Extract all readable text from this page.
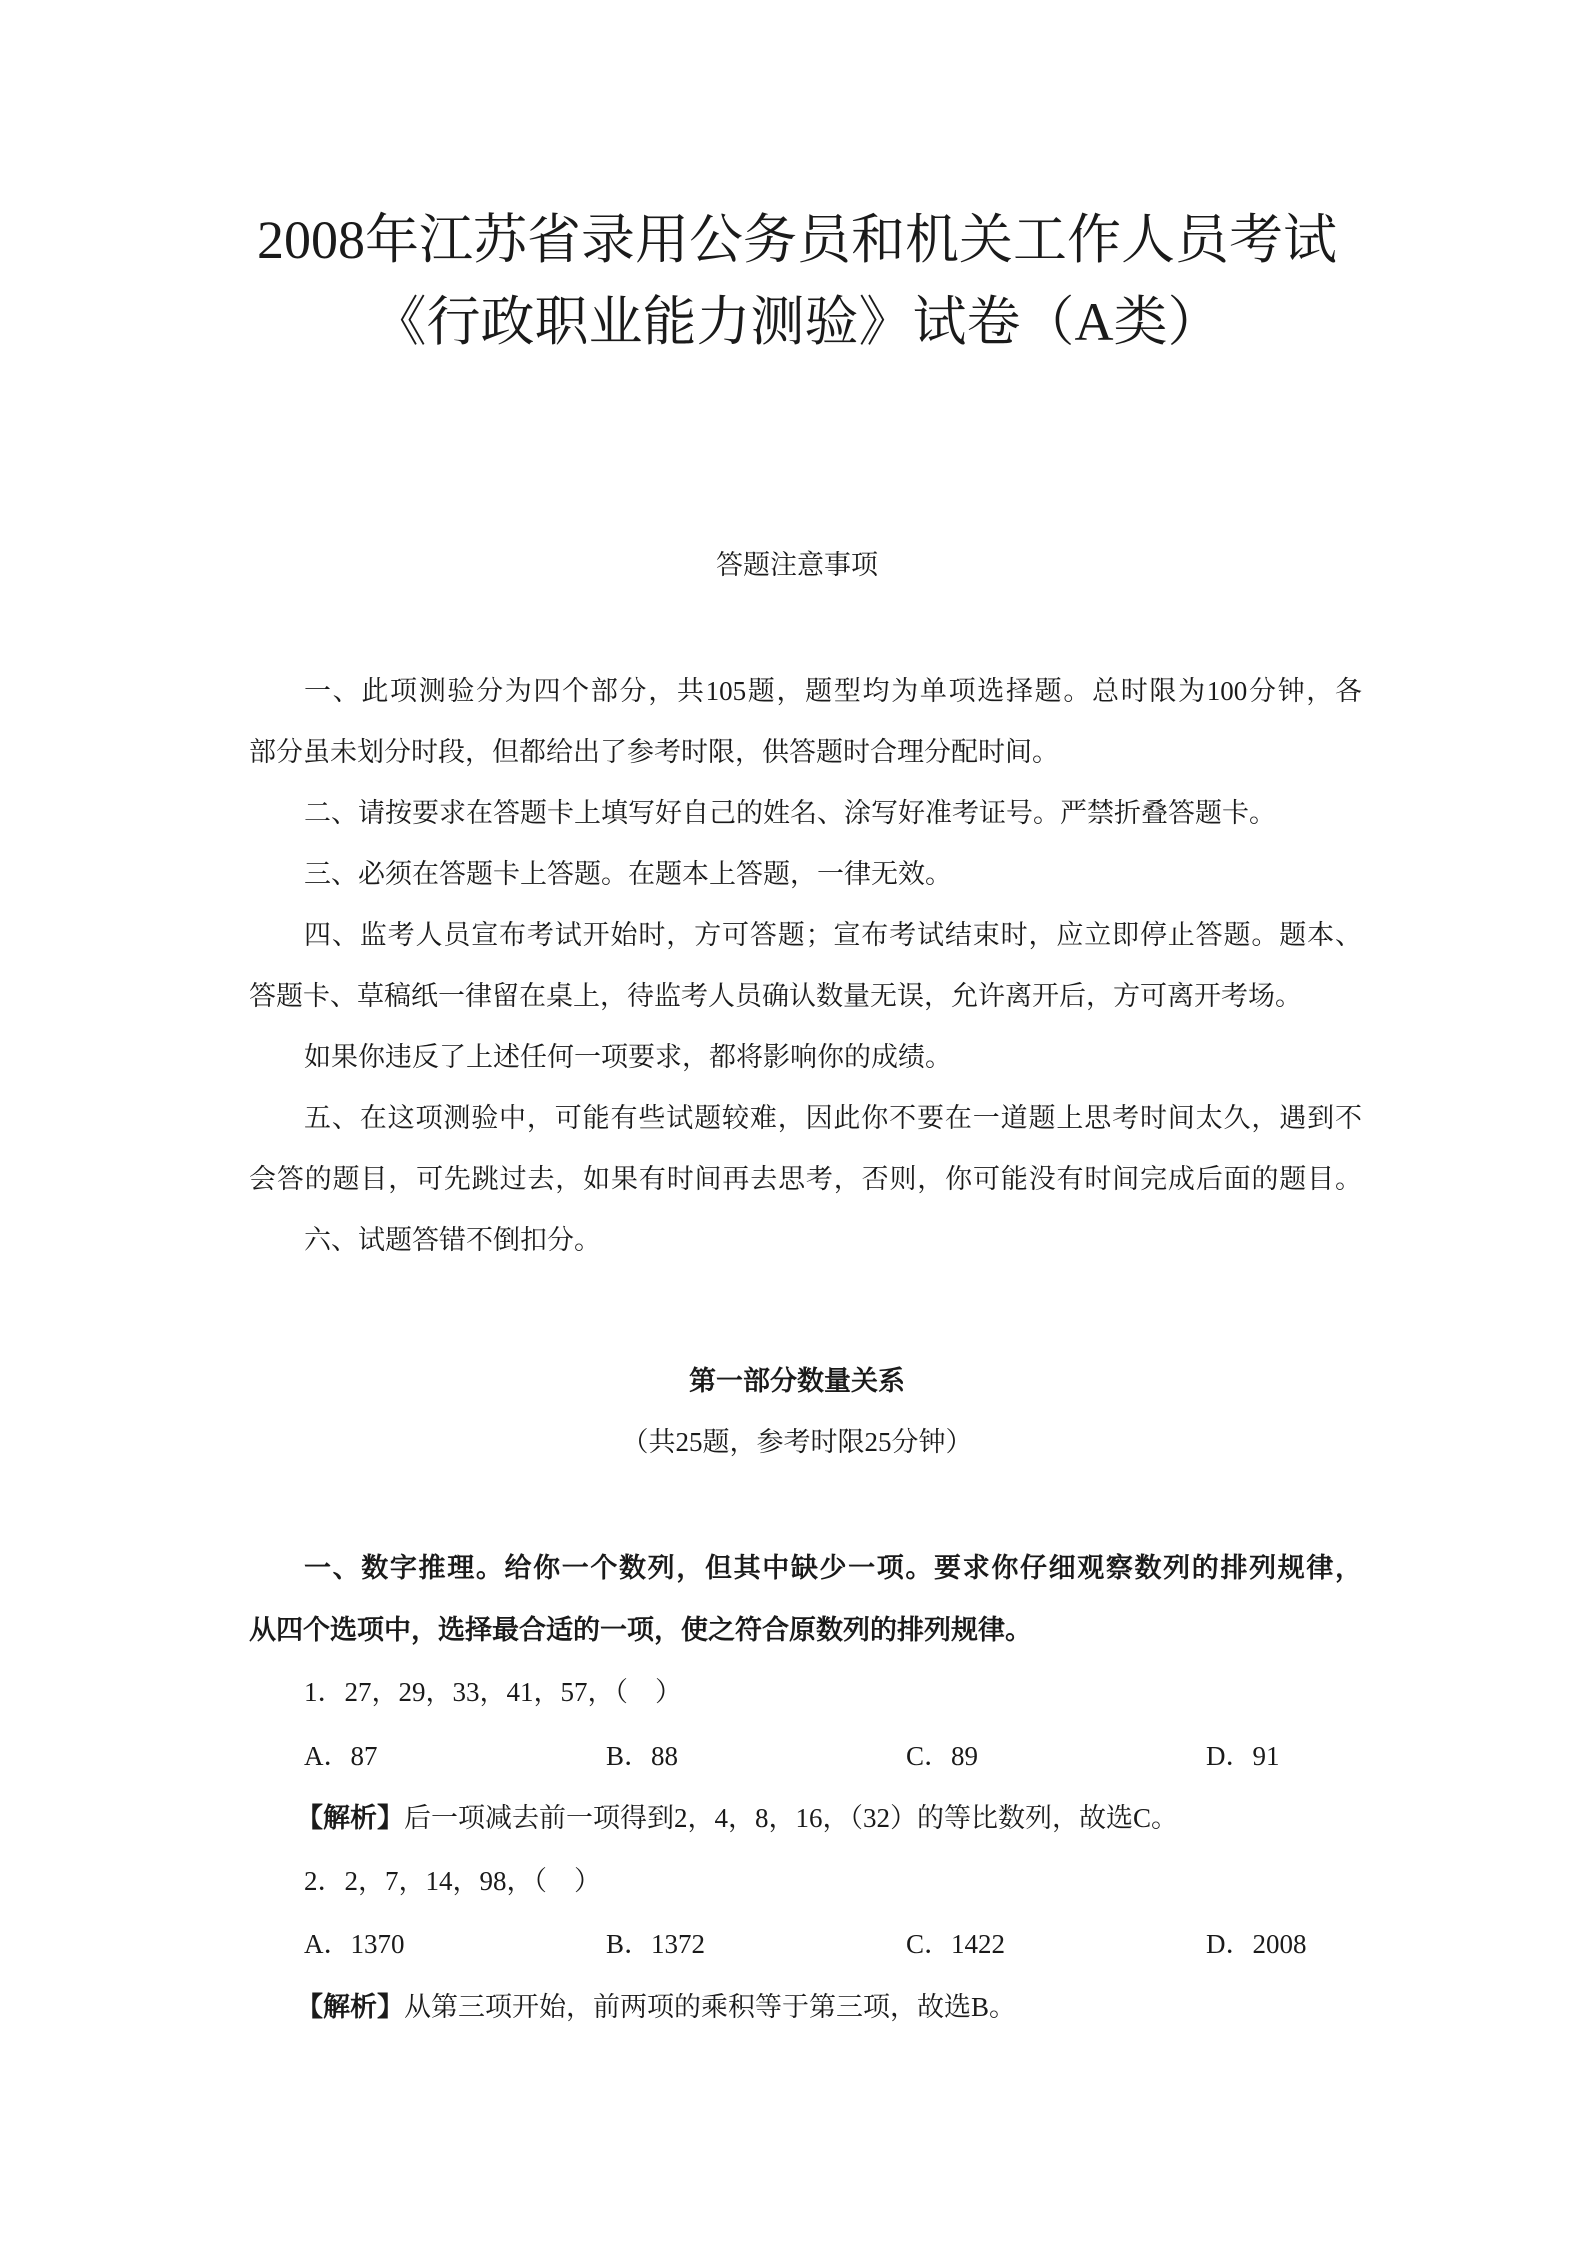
2008年江苏省录用公务员和机关工作人员考试
《行政职业能力测验》试卷（A类）
答题注意事项
一、此项测验分为四个部分，共105题，题型均为单项选择题。总时限为100分钟，各
部分虽未划分时段，但都给出了参考时限，供答题时合理分配时间。
二、请按要求在答题卡上填写好自己的姓名、涂写好准考证号。严禁折叠答题卡。
三、必须在答题卡上答题。在题本上答题，一律无效。
四、监考人员宣布考试开始时，方可答题；宣布考试结束时，应立即停止答题。题本、
答题卡、草稿纸一律留在桌上，待监考人员确认数量无误，允许离开后，方可离开考场。
如果你违反了上述任何一项要求，都将影响你的成绩。
五、在这项测验中，可能有些试题较难，因此你不要在一道题上思考时间太久，遇到不
会答的题目，可先跳过去，如果有时间再去思考，否则，你可能没有时间完成后面的题目。
六、试题答错不倒扣分。
第一部分数量关系
（共25题，参考时限25分钟）
一、数字推理。给你一个数列，但其中缺少一项。要求你仔细观察数列的排列规律，
从四个选项中，选择最合适的一项，使之符合原数列的排列规律。
1．27，29，33，41，57，（　）
A．87	B．88	C．89	D．91
【解析】后一项减去前一项得到2，4，8，16，（32）的等比数列，故选C。
2．2，7，14，98，（　）
A．1370	B．1372	C．1422	D．2008
【解析】从第三项开始，前两项的乘积等于第三项，故选B。
